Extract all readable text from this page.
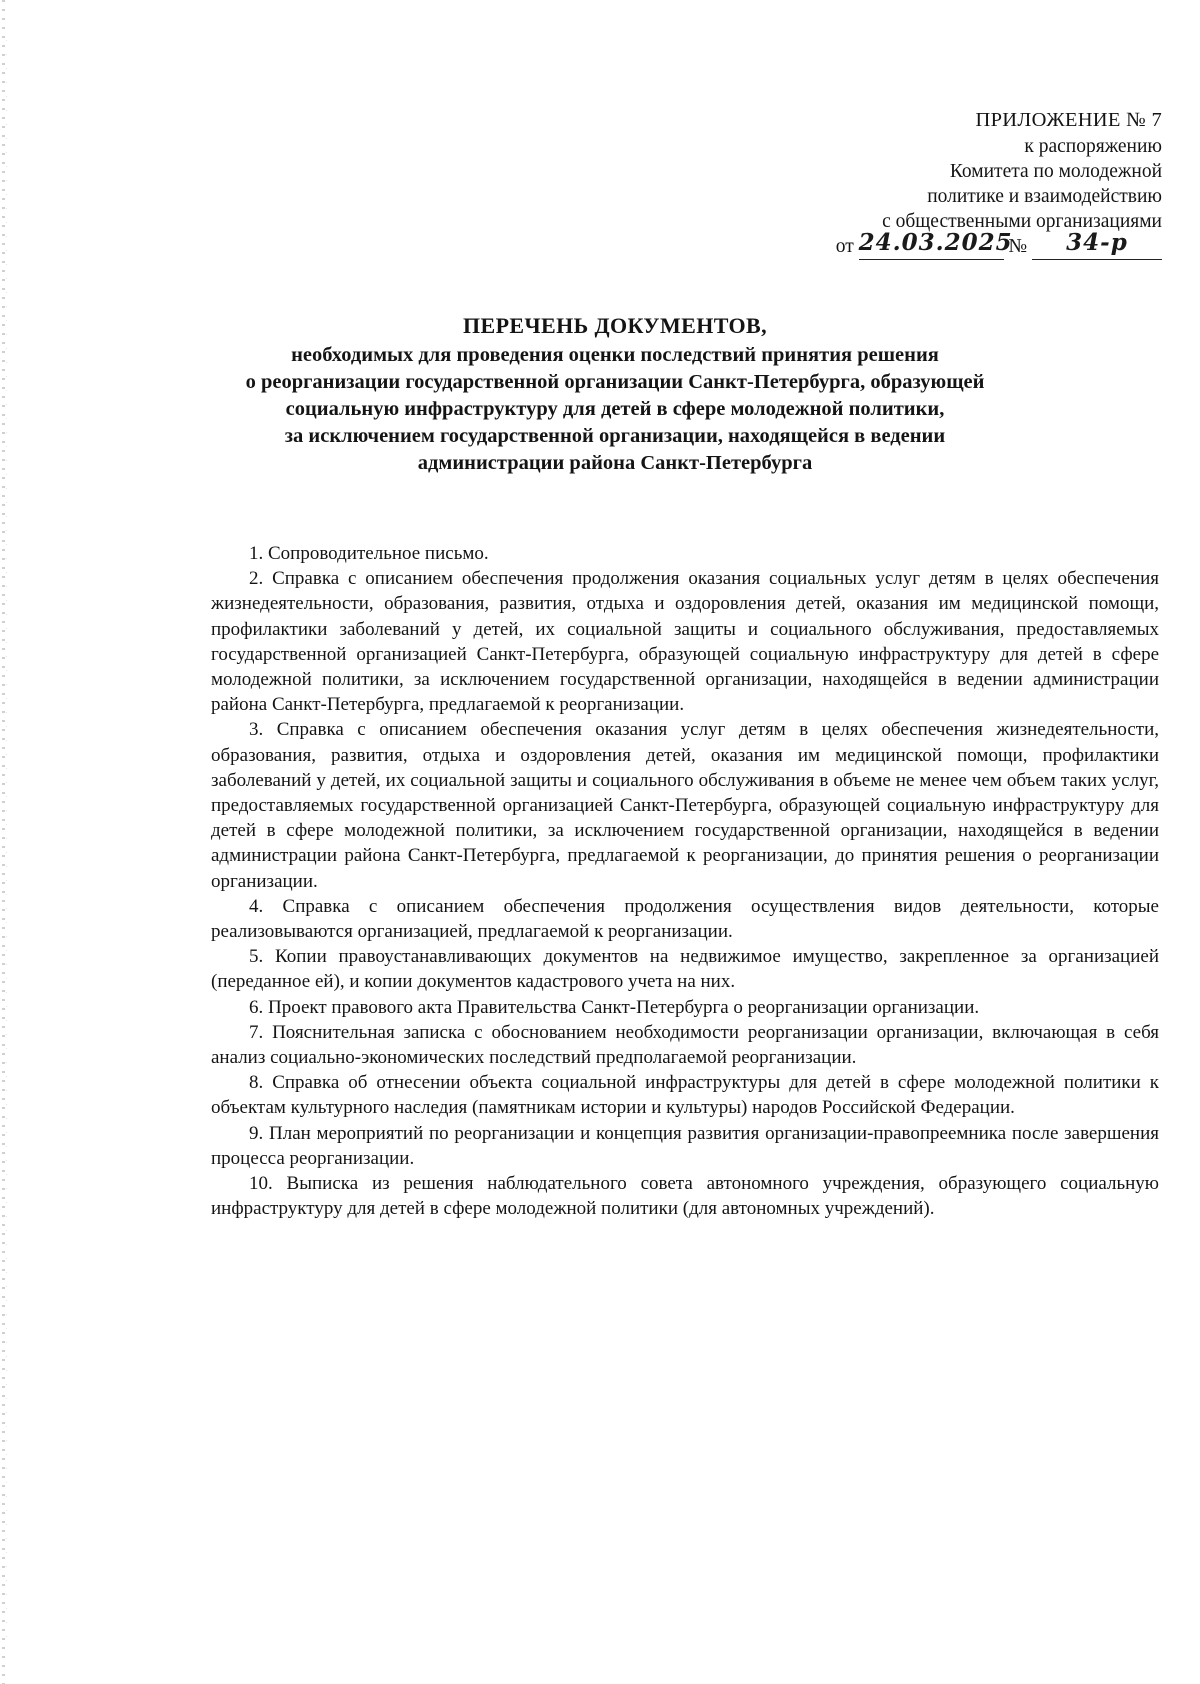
ПРИЛОЖЕНИЕ № 7
к распоряжению
Комитета по молодежной
политике и взаимодействию
с общественными организациями
от 24.03.2025 № 34-р
ПЕРЕЧЕНЬ ДОКУМЕНТОВ,
необходимых для проведения оценки последствий принятия решения
о реорганизации государственной организации Санкт-Петербурга, образующей
социальную инфраструктуру для детей в сфере молодежной политики,
за исключением государственной организации, находящейся в ведении
администрации района Санкт-Петербурга

1. Сопроводительное письмо.

2. Справка с описанием обеспечения продолжения оказания социальных услуг детям в целях обеспечения жизнедеятельности, образования, развития, отдыха и оздоровления детей, оказания им медицинской помощи, профилактики заболеваний у детей, их социальной защиты и социального обслуживания, предоставляемых государственной организацией Санкт-Петербурга, образующей социальную инфраструктуру для детей в сфере молодежной политики, за исключением государственной организации, находящейся в ведении администрации района Санкт-Петербурга, предлагаемой к реорганизации.

3. Справка с описанием обеспечения оказания услуг детям в целях обеспечения жизнедеятельности, образования, развития, отдыха и оздоровления детей, оказания им медицинской помощи, профилактики заболеваний у детей, их социальной защиты и социального обслуживания в объеме не менее чем объем таких услуг, предоставляемых государственной организацией Санкт-Петербурга, образующей социальную инфраструктуру для детей в сфере молодежной политики, за исключением государственной организации, находящейся в ведении администрации района Санкт-Петербурга, предлагаемой к реорганизации, до принятия решения о реорганизации организации.

4. Справка с описанием обеспечения продолжения осуществления видов деятельности, которые реализовываются организацией, предлагаемой к реорганизации.

5. Копии правоустанавливающих документов на недвижимое имущество, закрепленное за организацией (переданное ей), и копии документов кадастрового учета на них.

6. Проект правового акта Правительства Санкт-Петербурга о реорганизации организации.

7. Пояснительная записка с обоснованием необходимости реорганизации организации, включающая в себя анализ социально-экономических последствий предполагаемой реорганизации.

8. Справка об отнесении объекта социальной инфраструктуры для детей в сфере молодежной политики к объектам культурного наследия (памятникам истории и культуры) народов Российской Федерации.

9. План мероприятий по реорганизации и концепция развития организации-правопреемника после завершения процесса реорганизации.

10. Выписка из решения наблюдательного совета автономного учреждения, образующего социальную инфраструктуру для детей в сфере молодежной политики (для автономных учреждений).
